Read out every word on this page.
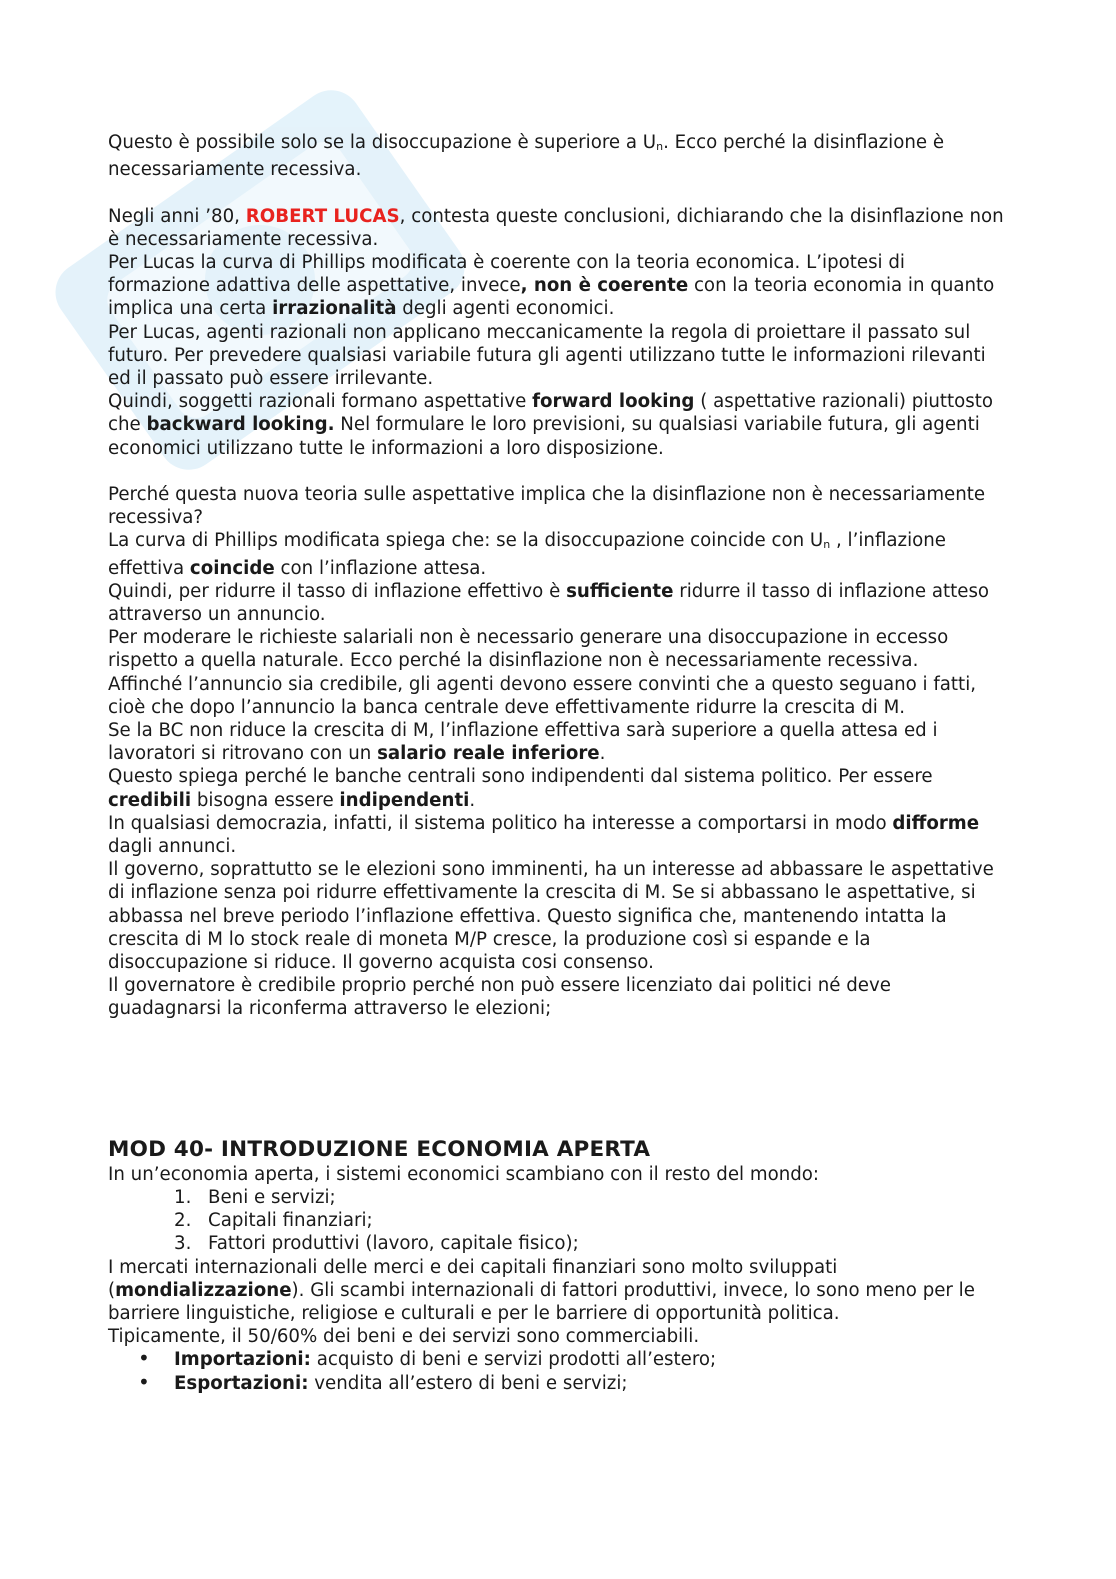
Questo è possibile solo se la disoccupazione è superiore a $U_n$. Ecco perché la disinflazione è necessariamente recessiva.

Negli anni ’80, ROBERT LUCAS, contesta queste conclusioni, dichiarando che la disinflazione non è necessariamente recessiva.

Per Lucas la curva di Phillips modificata è coerente con la teoria economica. L’ipotesi di formazione adattiva delle aspettative, invece, non è coerente con la teoria economia in quanto implica una certa irrazionalità degli agenti economici.

Per Lucas, agenti razionali non applicano meccanicamente la regola di proiettare il passato sul futuro. Per prevedere qualsiasi variabile futura gli agenti utilizzano tutte le informazioni rilevanti ed il passato può essere irrilevante.

Quindi, soggetti razionali formano aspettative forward looking ( aspettative razionali) piuttosto che backward looking. Nel formulare le loro previsioni, su qualsiasi variabile futura, gli agenti economici utilizzano tutte le informazioni a loro disposizione.

Perché questa nuova teoria sulle aspettative implica che la disinflazione non è necessariamente recessiva?

La curva di Phillips modificata spiega che: se la disoccupazione coincide con $U_n$ , l’inflazione effettiva coincide con l’inflazione attesa.

Quindi, per ridurre il tasso di inflazione effettivo è sufficiente ridurre il tasso di inflazione atteso attraverso un annuncio.

Per moderare le richieste salariali non è necessario generare una disoccupazione in eccesso rispetto a quella naturale. Ecco perché la disinflazione non è necessariamente recessiva.

Affinché l’annuncio sia credibile, gli agenti devono essere convinti che a questo seguano i fatti, cioè che dopo l’annuncio la banca centrale deve effettivamente ridurre la crescita di M.

Se la BC non riduce la crescita di M, l’inflazione effettiva sarà superiore a quella attesa ed i lavoratori si ritrovano con un salario reale inferiore.

Questo spiega perché le banche centrali sono indipendenti dal sistema politico. Per essere credibili bisogna essere indipendenti.

In qualsiasi democrazia, infatti, il sistema politico ha interesse a comportarsi in modo difforme dagli annunci.

Il governo, soprattutto se le elezioni sono imminenti, ha un interesse ad abbassare le aspettative di inflazione senza poi ridurre effettivamente la crescita di M. Se si abbassano le aspettative, si abbassa nel breve periodo l’inflazione effettiva. Questo significa che, mantenendo intatta la crescita di M lo stock reale di moneta M/P cresce, la produzione così si espande e la disoccupazione si riduce. Il governo acquista cosi consenso.

Il governatore è credibile proprio perché non può essere licenziato dai politici né deve guadagnarsi la riconferma attraverso le elezioni;

MOD 40- INTRODUZIONE ECONOMIA APERTA

In un’economia aperta, i sistemi economici scambiano con il resto del mondo:

1. Beni e servizi;
2. Capitali finanziari;
3. Fattori produttivi (lavoro, capitale fisico);

I mercati internazionali delle merci e dei capitali finanziari sono molto sviluppati (mondializzazione). Gli scambi internazionali di fattori produttivi, invece, lo sono meno per le barriere linguistiche, religiose e culturali e per le barriere di opportunità politica.

Tipicamente, il 50/60% dei beni e dei servizi sono commerciabili.

• Importazioni: acquisto di beni e servizi prodotti all’estero;
• Esportazioni: vendita all’estero di beni e servizi;
